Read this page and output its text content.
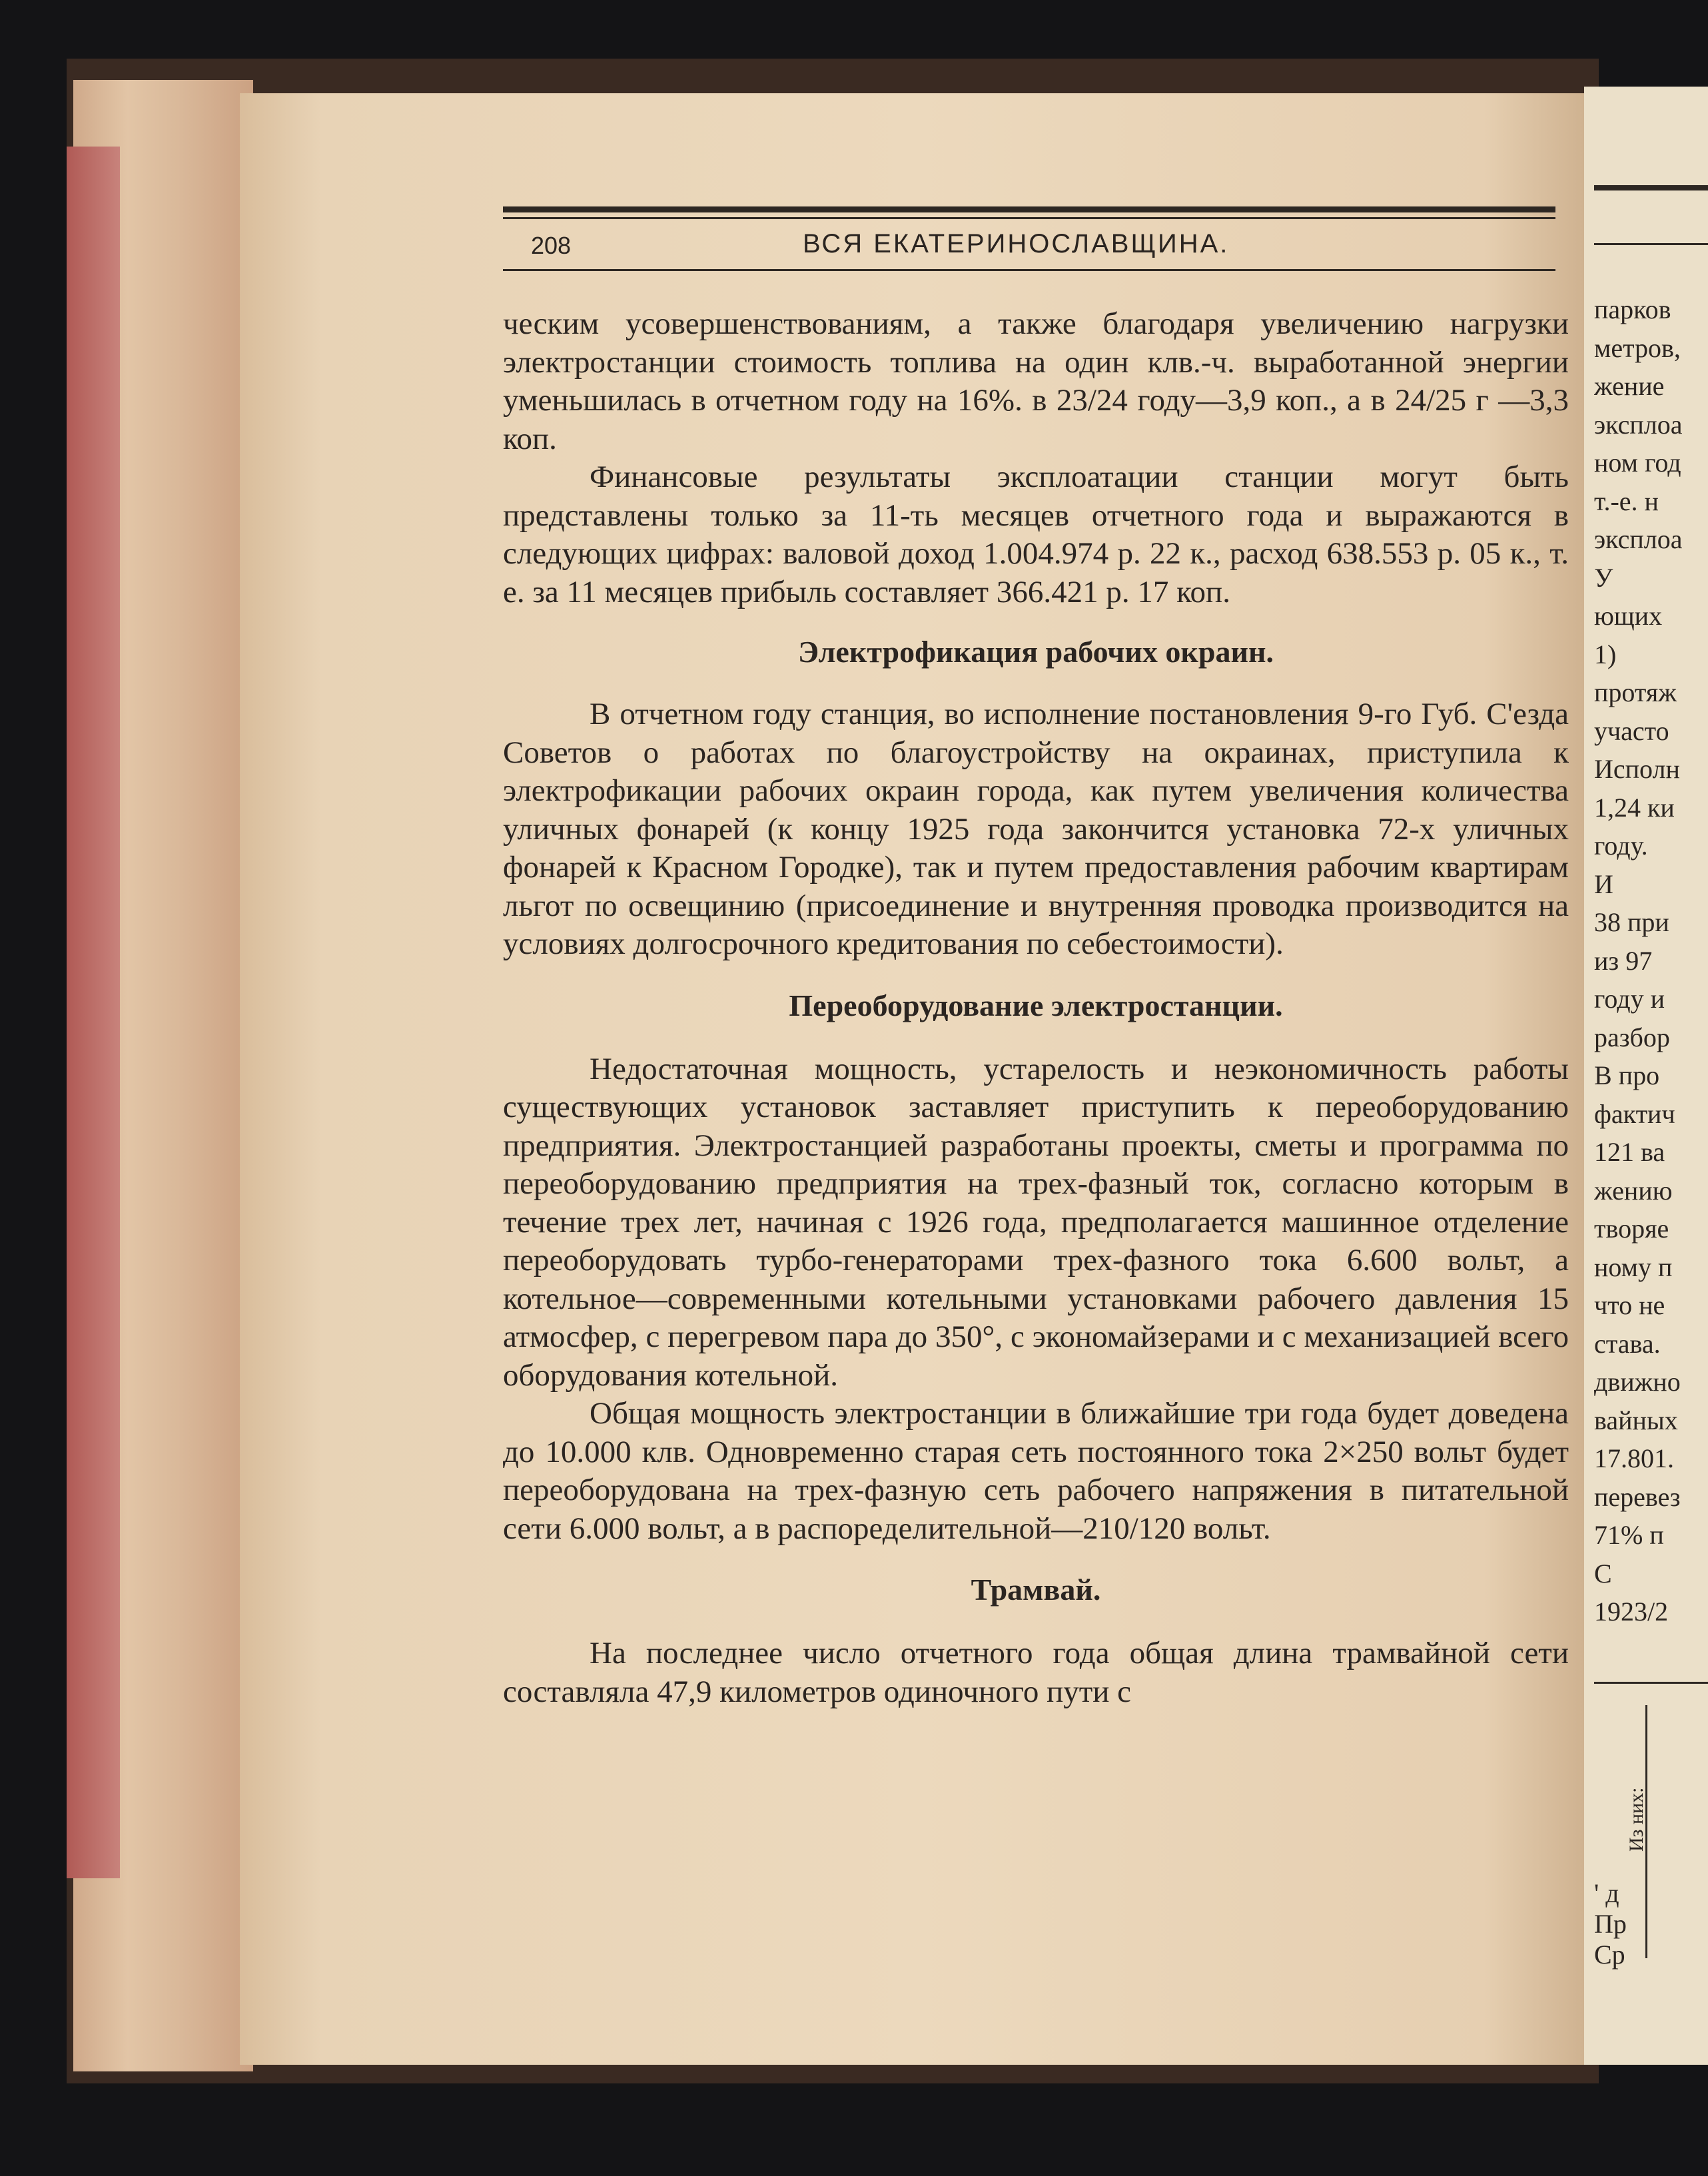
208	ВСЯ ЕКАТЕРИНОСЛАВЩИНА.

ческим усовершенствованиям, а также благодаря увеличению нагрузки электростанции стоимость топлива на один клв.-ч. выработанной энергии уменьшилась в отчетном году на 16%. в 23/24 году—3,9 коп., а в 24/25 г —3,3 коп.

Финансовые результаты эксплоатации станции могут быть представлены только за 11-ть месяцев отчетного года и выражаются в следующих цифрах: валовой доход 1.004.974 р. 22 к., расход 638.553 р. 05 к., т. е. за 11 месяцев прибыль составляет 366.421 р. 17 коп.

Электрофикация рабочих окраин.

В отчетном году станция, во исполнение постановления 9-го Губ. С'езда Советов о работах по благоустройству на окраинах, приступила к электрофикации рабочих окраин города, как путем увеличения количества уличных фонарей (к концу 1925 года закончится установка 72-х уличных фонарей к Красном Городке), так и путем предоставления рабочим квартирам льгот по освещинию (присоединение и внутренняя проводка производится на условиях долгосрочного кредитования по себестоимости).

Переоборудование электростанции.

Недостаточная мощность, устарелость и неэкономичность работы существующих установок заставляет приступить к переоборудованию предприятия. Электростанцией разработаны проекты, сметы и программа по переоборудованию предприятия на трех-фазный ток, согласно которым в течение трех лет, начиная с 1926 года, предполагается машинное отделение переоборудовать турбо-генераторами трех-фазного тока 6.600 вольт, а котельное—современными котельными установками рабочего давления 15 атмосфер, с перегревом пара до 350°, с экономайзерами и с механизацией всего оборудования котельной.

Общая мощность электростанции в ближайшие три года будет доведена до 10.000 клв. Одновременно старая сеть постоянного тока 2×250 вольт будет переоборудована на трех-фазную сеть рабочего напряжения в питательной сети 6.000 вольт, а в распоределительной—210/120 вольт.

Трамвай.

На последнее число отчетного года общая длина трамвайной сети составляла 47,9 километров одиночного пути с

парков
метров,
жение
эксплоа
ном год
т.-е. н
эксплоа
У
ющих
1)
протяж
участо
Исполн
1,24 ки
году.
И
38 при
из 97
году и
разбор
В про
фактич
121 ва
жению
творяе
ному п
что не
става.
движно
вайных
17.801.
перевез
71% п
С
1923/2
Из них:
' д
Пр
Ср
